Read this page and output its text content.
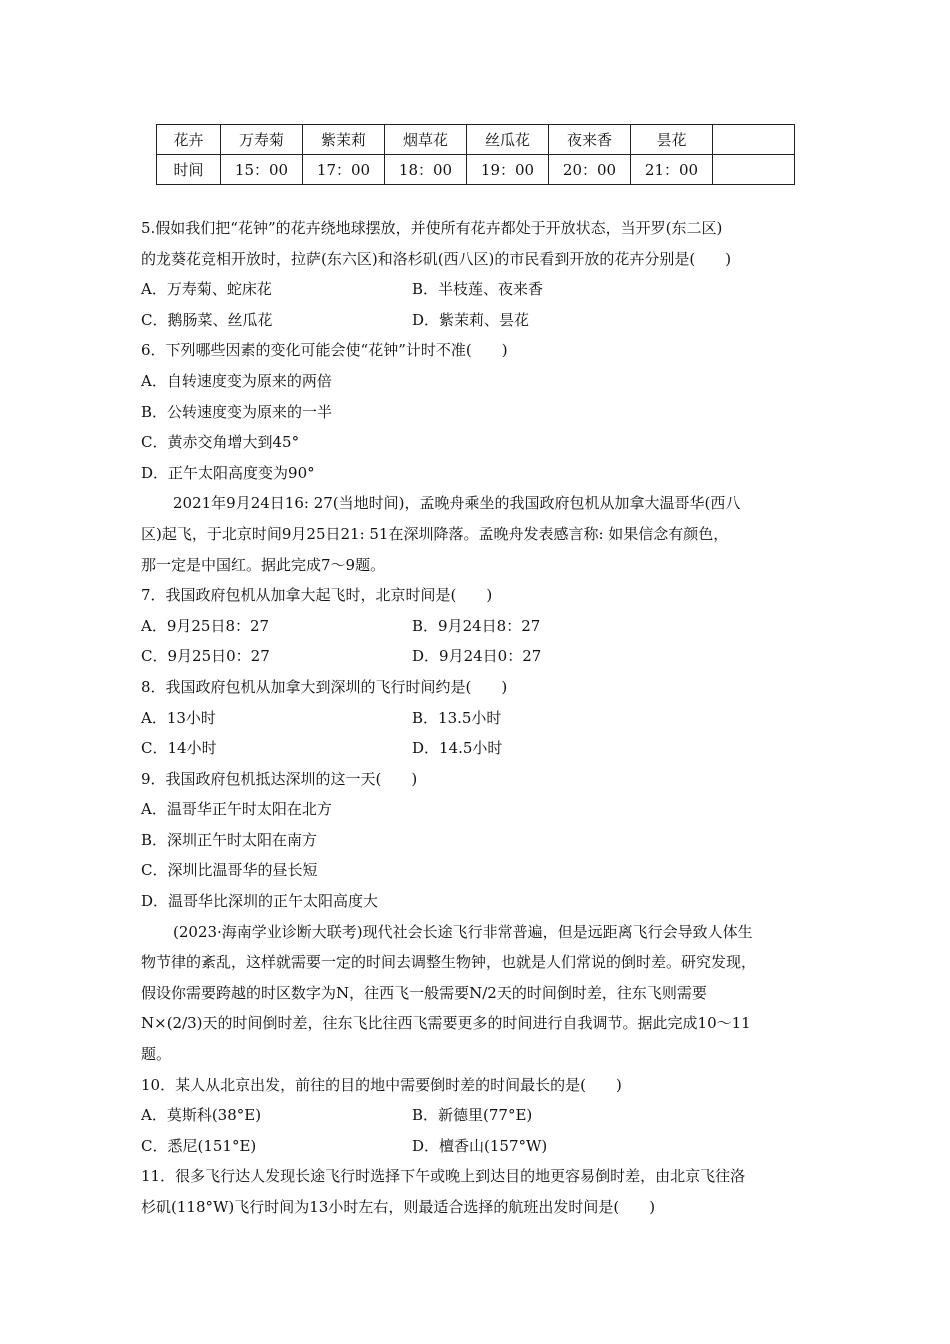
花卉	万寿菊	紫茉莉	烟草花	丝瓜花	夜来香	昙花	
时间	15：00	17：00	18：00	19：00	20：00	21：00	
5.假如我们把“花钟”的花卉绕地球摆放，并使所有花卉都处于开放状态，当开罗(东二区)
的龙葵花竞相开放时，拉萨(东六区)和洛杉矶(西八区)的市民看到开放的花卉分别是(　　)
A．万寿菊、蛇床花	B．半枝莲、夜来香
C．鹅肠菜、丝瓜花	D．紫茉莉、昙花
6．下列哪些因素的变化可能会使“花钟”计时不准(　　)
A．自转速度变为原来的两倍
B．公转速度变为原来的一半
C．黄赤交角增大到45°
D．正午太阳高度变为90°
2021年9月24日16: 27(当地时间)，孟晚舟乘坐的我国政府包机从加拿大温哥华(西八
区)起飞，于北京时间9月25日21: 51在深圳降落。孟晚舟发表感言称: 如果信念有颜色，
那一定是中国红。据此完成7～9题。
7．我国政府包机从加拿大起飞时，北京时间是(　　)
A．9月25日8：27	B．9月24日8：27
C．9月25日0：27	D．9月24日0：27
8．我国政府包机从加拿大到深圳的飞行时间约是(　　)
A．13小时	B．13.5小时
C．14小时	D．14.5小时
9．我国政府包机抵达深圳的这一天(　　)
A．温哥华正午时太阳在北方
B．深圳正午时太阳在南方
C．深圳比温哥华的昼长短
D．温哥华比深圳的正午太阳高度大
(2023·海南学业诊断大联考)现代社会长途飞行非常普遍，但是远距离飞行会导致人体生
物节律的紊乱，这样就需要一定的时间去调整生物钟，也就是人们常说的倒时差。研究发现，
假设你需要跨越的时区数字为N，往西飞一般需要N/2天的时间倒时差，往东飞则需要
N×(2/3)天的时间倒时差，往东飞比往西飞需要更多的时间进行自我调节。据此完成10～11
题。
10．某人从北京出发，前往的目的地中需要倒时差的时间最长的是(　　)
A．莫斯科(38°E)	B．新德里(77°E)
C．悉尼(151°E)	D．檀香山(157°W)
11．很多飞行达人发现长途飞行时选择下午或晚上到达目的地更容易倒时差，由北京飞往洛
杉矶(118°W)飞行时间为13小时左右，则最适合选择的航班出发时间是(　　)
